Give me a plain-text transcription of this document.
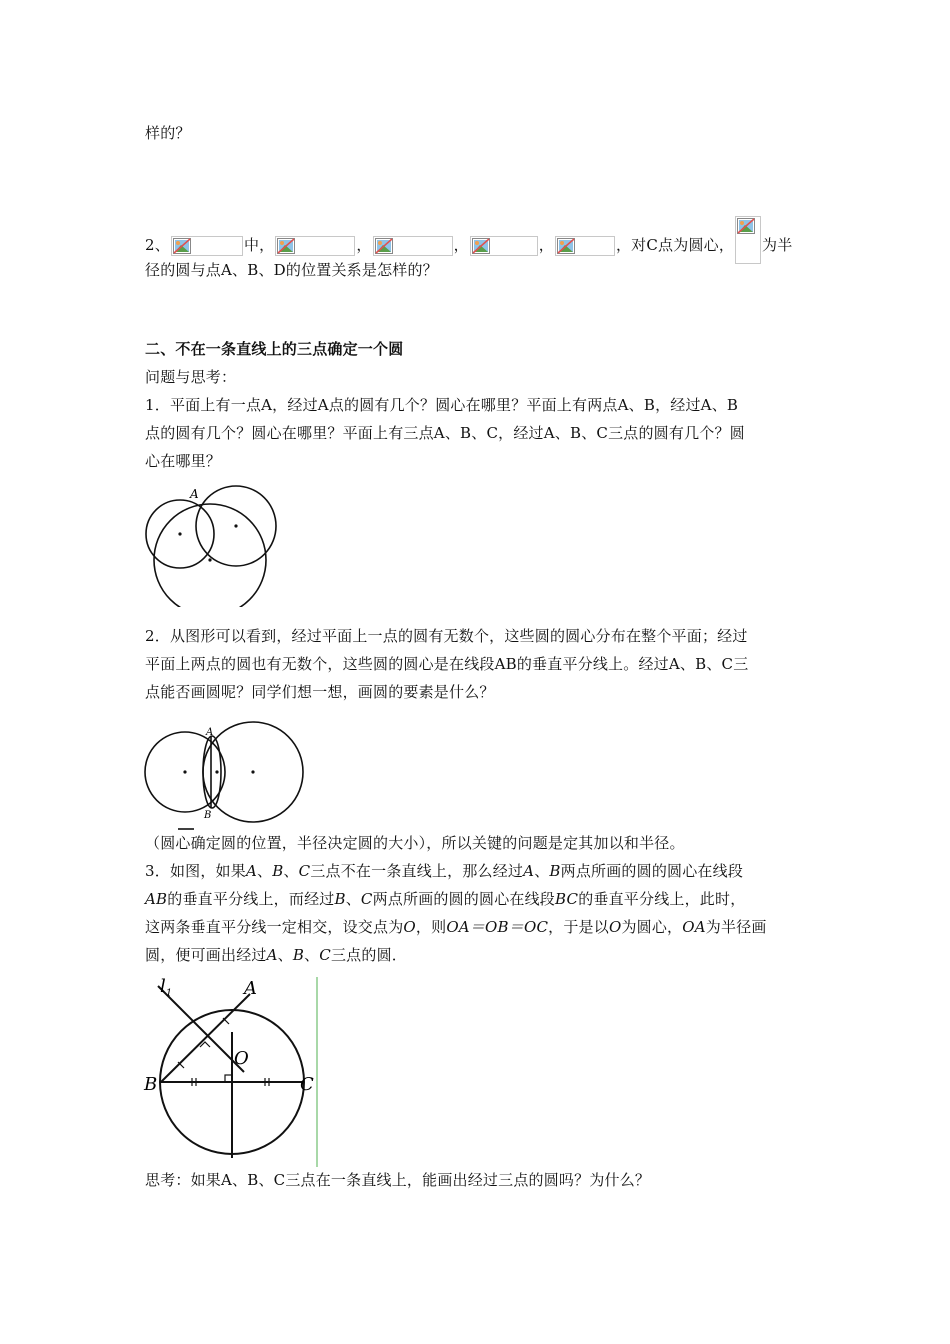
样的？
2、	中，	，	，	，	，对C点为圆心， 为半
径的圆与点A、B、D的位置关系是怎样的？
二、不在一条直线上的三点确定一个圆
问题与思考：
1．平面上有一点A，经过A点的圆有几个？圆心在哪里？平面上有两点A、B，经过A、B
点的圆有几个？圆心在哪里？平面上有三点A、B、C，经过A、B、C三点的圆有几个？圆
心在哪里？
A
2．从图形可以看到，经过平面上一点的圆有无数个，这些圆的圆心分布在整个平面；经过
平面上两点的圆也有无数个，这些圆的圆心是在线段AB的垂直平分线上。经过A、B、C三
点能否画圆呢？同学们想一想，画圆的要素是什么？
A
B
（圆心确定圆的位置，半径决定圆的大小），所以关键的问题是定其加以和半径。
3．如图，如果A、B、C三点不在一条直线上，那么经过A、B两点所画的圆的圆心在线段
AB的垂直平分线上，而经过B、C两点所画的圆的圆心在线段BC的垂直平分线上，此时，
这两条垂直平分线一定相交，设交点为O，则OA＝OB＝OC，于是以O为圆心，OA为半径画
圆，便可画出经过A、B、C三点的圆．
$l_1$	A
B	C
O
思考：如果A、B、C三点在一条直线上，能画出经过三点的圆吗？为什么？
